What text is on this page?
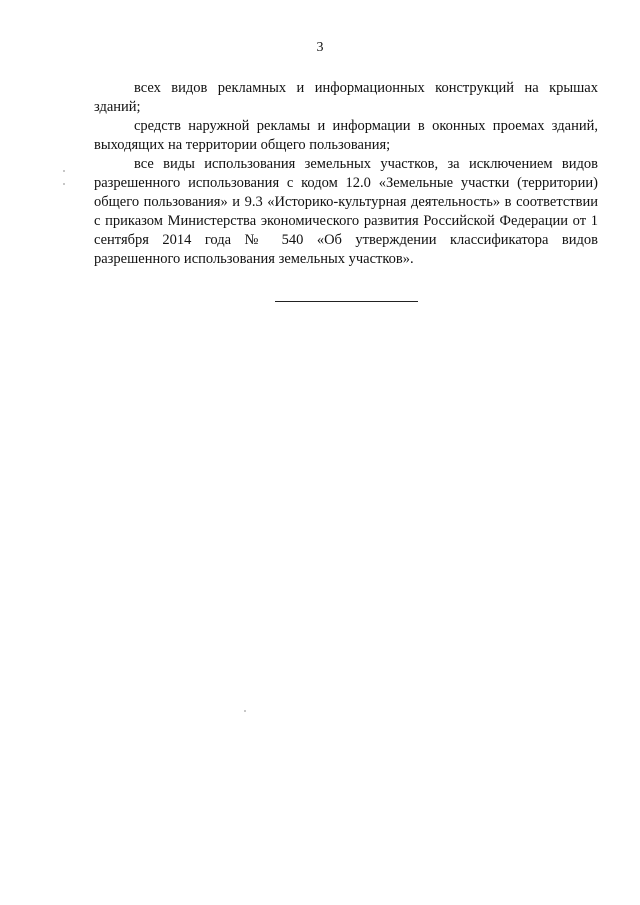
3

всех видов рекламных и информационных конструкций на крышах зданий;

средств наружной рекламы и информации в оконных проемах зданий, выходящих на территории общего пользования;

все виды использования земельных участков, за исключением видов разрешенного использования с кодом 12.0 «Земельные участки (территории) общего пользования» и 9.3 «Историко-культурная деятельность» в соответствии с приказом Министерства экономического развития Российской Федерации от 1 сентября 2014 года № 540 «Об утверждении классификатора видов разрешенного использования земельных участков».
